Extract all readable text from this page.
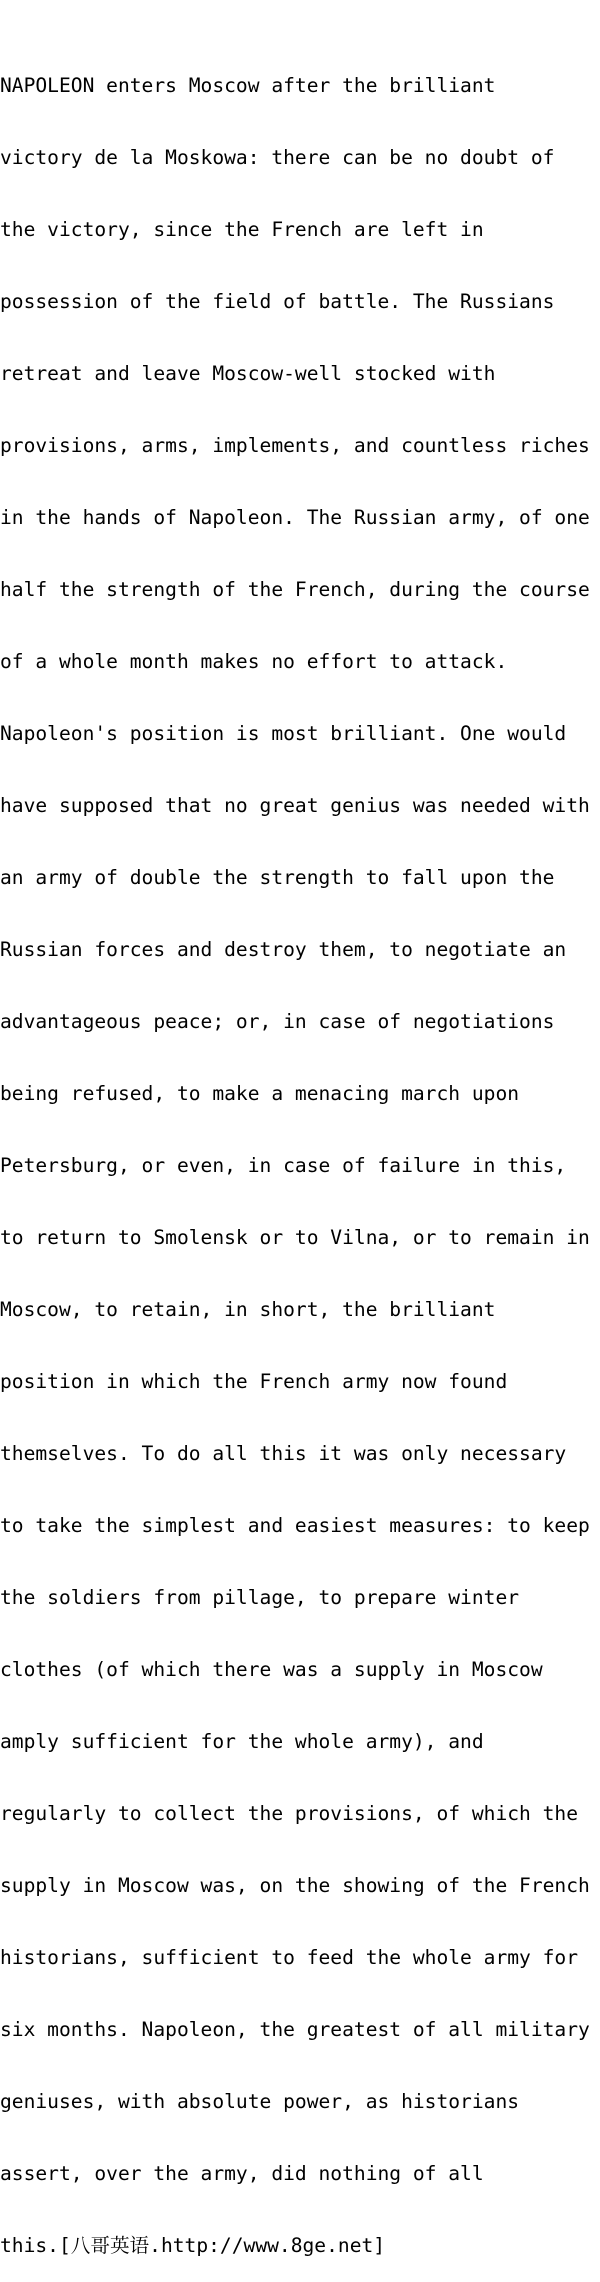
NAPOLEON enters Moscow after the brilliant

victory de la Moskowa: there can be no doubt of

the victory, since the French are left in

possession of the field of battle. The Russians

retreat and leave Moscow-well stocked with

provisions, arms, implements, and countless riches

in the hands of Napoleon. The Russian army, of one

half the strength of the French, during the course

of a whole month makes no effort to attack.

Napoleon's position is most brilliant. One would

have supposed that no great genius was needed with

an army of double the strength to fall upon the

Russian forces and destroy them, to negotiate an

advantageous peace; or, in case of negotiations

being refused, to make a menacing march upon

Petersburg, or even, in case of failure in this,

to return to Smolensk or to Vilna, or to remain in

Moscow, to retain, in short, the brilliant

position in which the French army now found

themselves. To do all this it was only necessary

to take the simplest and easiest measures: to keep

the soldiers from pillage, to prepare winter

clothes (of which there was a supply in Moscow

amply sufficient for the whole army), and

regularly to collect the provisions, of which the

supply in Moscow was, on the showing of the French

historians, sufficient to feed the whole army for

six months. Napoleon, the greatest of all military

geniuses, with absolute power, as historians

assert, over the army, did nothing of all

this.[八哥英语.http://www.8ge.net]
